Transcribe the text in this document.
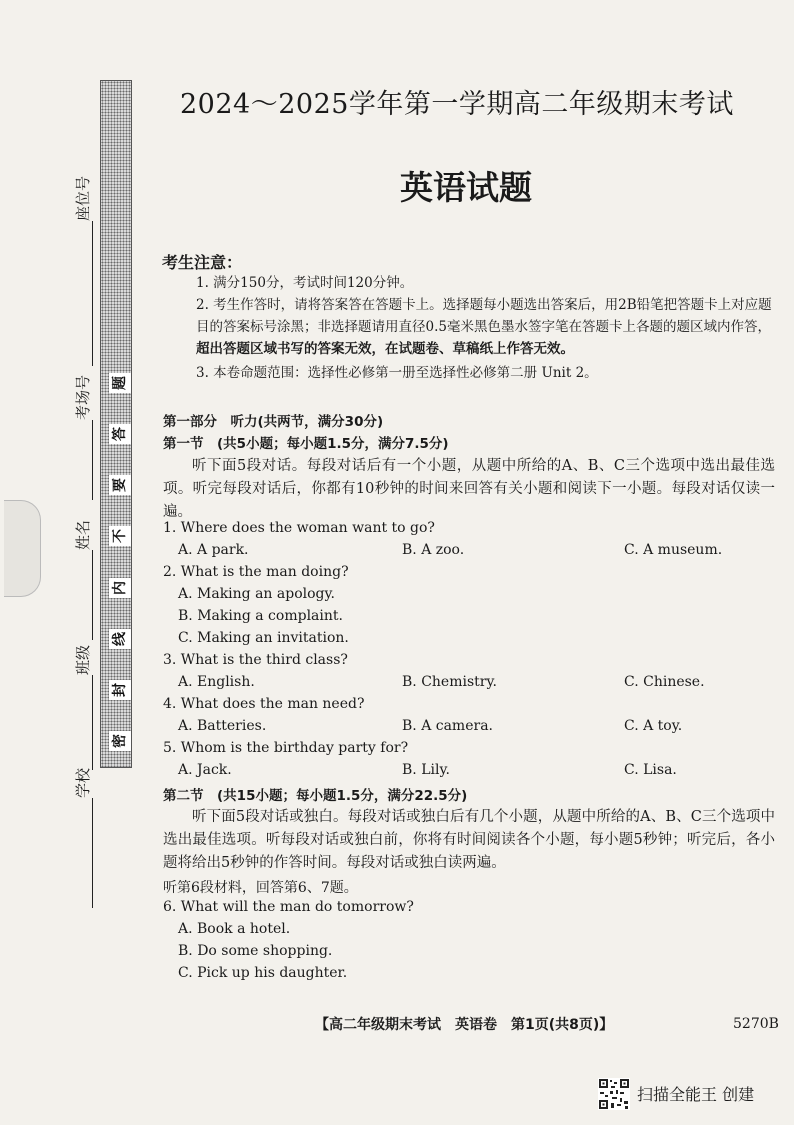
题
答
要
不
内
线
封
密
座位号
考场号
姓名
班级
学校
2024～2025学年第一学期高二年级期末考试
英语试题
考生注意：
1. 满分150分，考试时间120分钟。
2. 考生作答时，请将答案答在答题卡上。选择题每小题选出答案后，用2B铅笔把答题卡上对应题目的答案标号涂黑；非选择题请用直径0.5毫米黑色墨水签字笔在答题卡上各题的题区域内作答，超出答题区域书写的答案无效，在试题卷、草稿纸上作答无效。
3. 本卷命题范围：选择性必修第一册至选择性必修第二册 Unit 2。
第一部分　听力(共两节，满分30分)
第一节　(共5小题；每小题1.5分，满分7.5分)
听下面5段对话。每段对话后有一个小题，从题中所给的A、B、C三个选项中选出最佳选项。听完每段对话后，你都有10秒钟的时间来回答有关小题和阅读下一小题。每段对话仅读一遍。
1. Where does the woman want to go?
A. A park.	B. A zoo.	C. A museum.
2. What is the man doing?
A. Making an apology.
B. Making a complaint.
C. Making an invitation.
3. What is the third class?
A. English.	B. Chemistry.	C. Chinese.
4. What does the man need?
A. Batteries.	B. A camera.	C. A toy.
5. Whom is the birthday party for?
A. Jack.	B. Lily.	C. Lisa.
第二节　(共15小题；每小题1.5分，满分22.5分)
听下面5段对话或独白。每段对话或独白后有几个小题，从题中所给的A、B、C三个选项中选出最佳选项。听每段对话或独白前，你将有时间阅读各个小题，每小题5秒钟；听完后，各小题将给出5秒钟的作答时间。每段对话或独白读两遍。
听第6段材料，回答第6、7题。
6. What will the man do tomorrow?
A. Book a hotel.
B. Do some shopping.
C. Pick up his daughter.
【高二年级期末考试　英语卷　第1页(共8页)】	5270B
扫描全能王 创建
